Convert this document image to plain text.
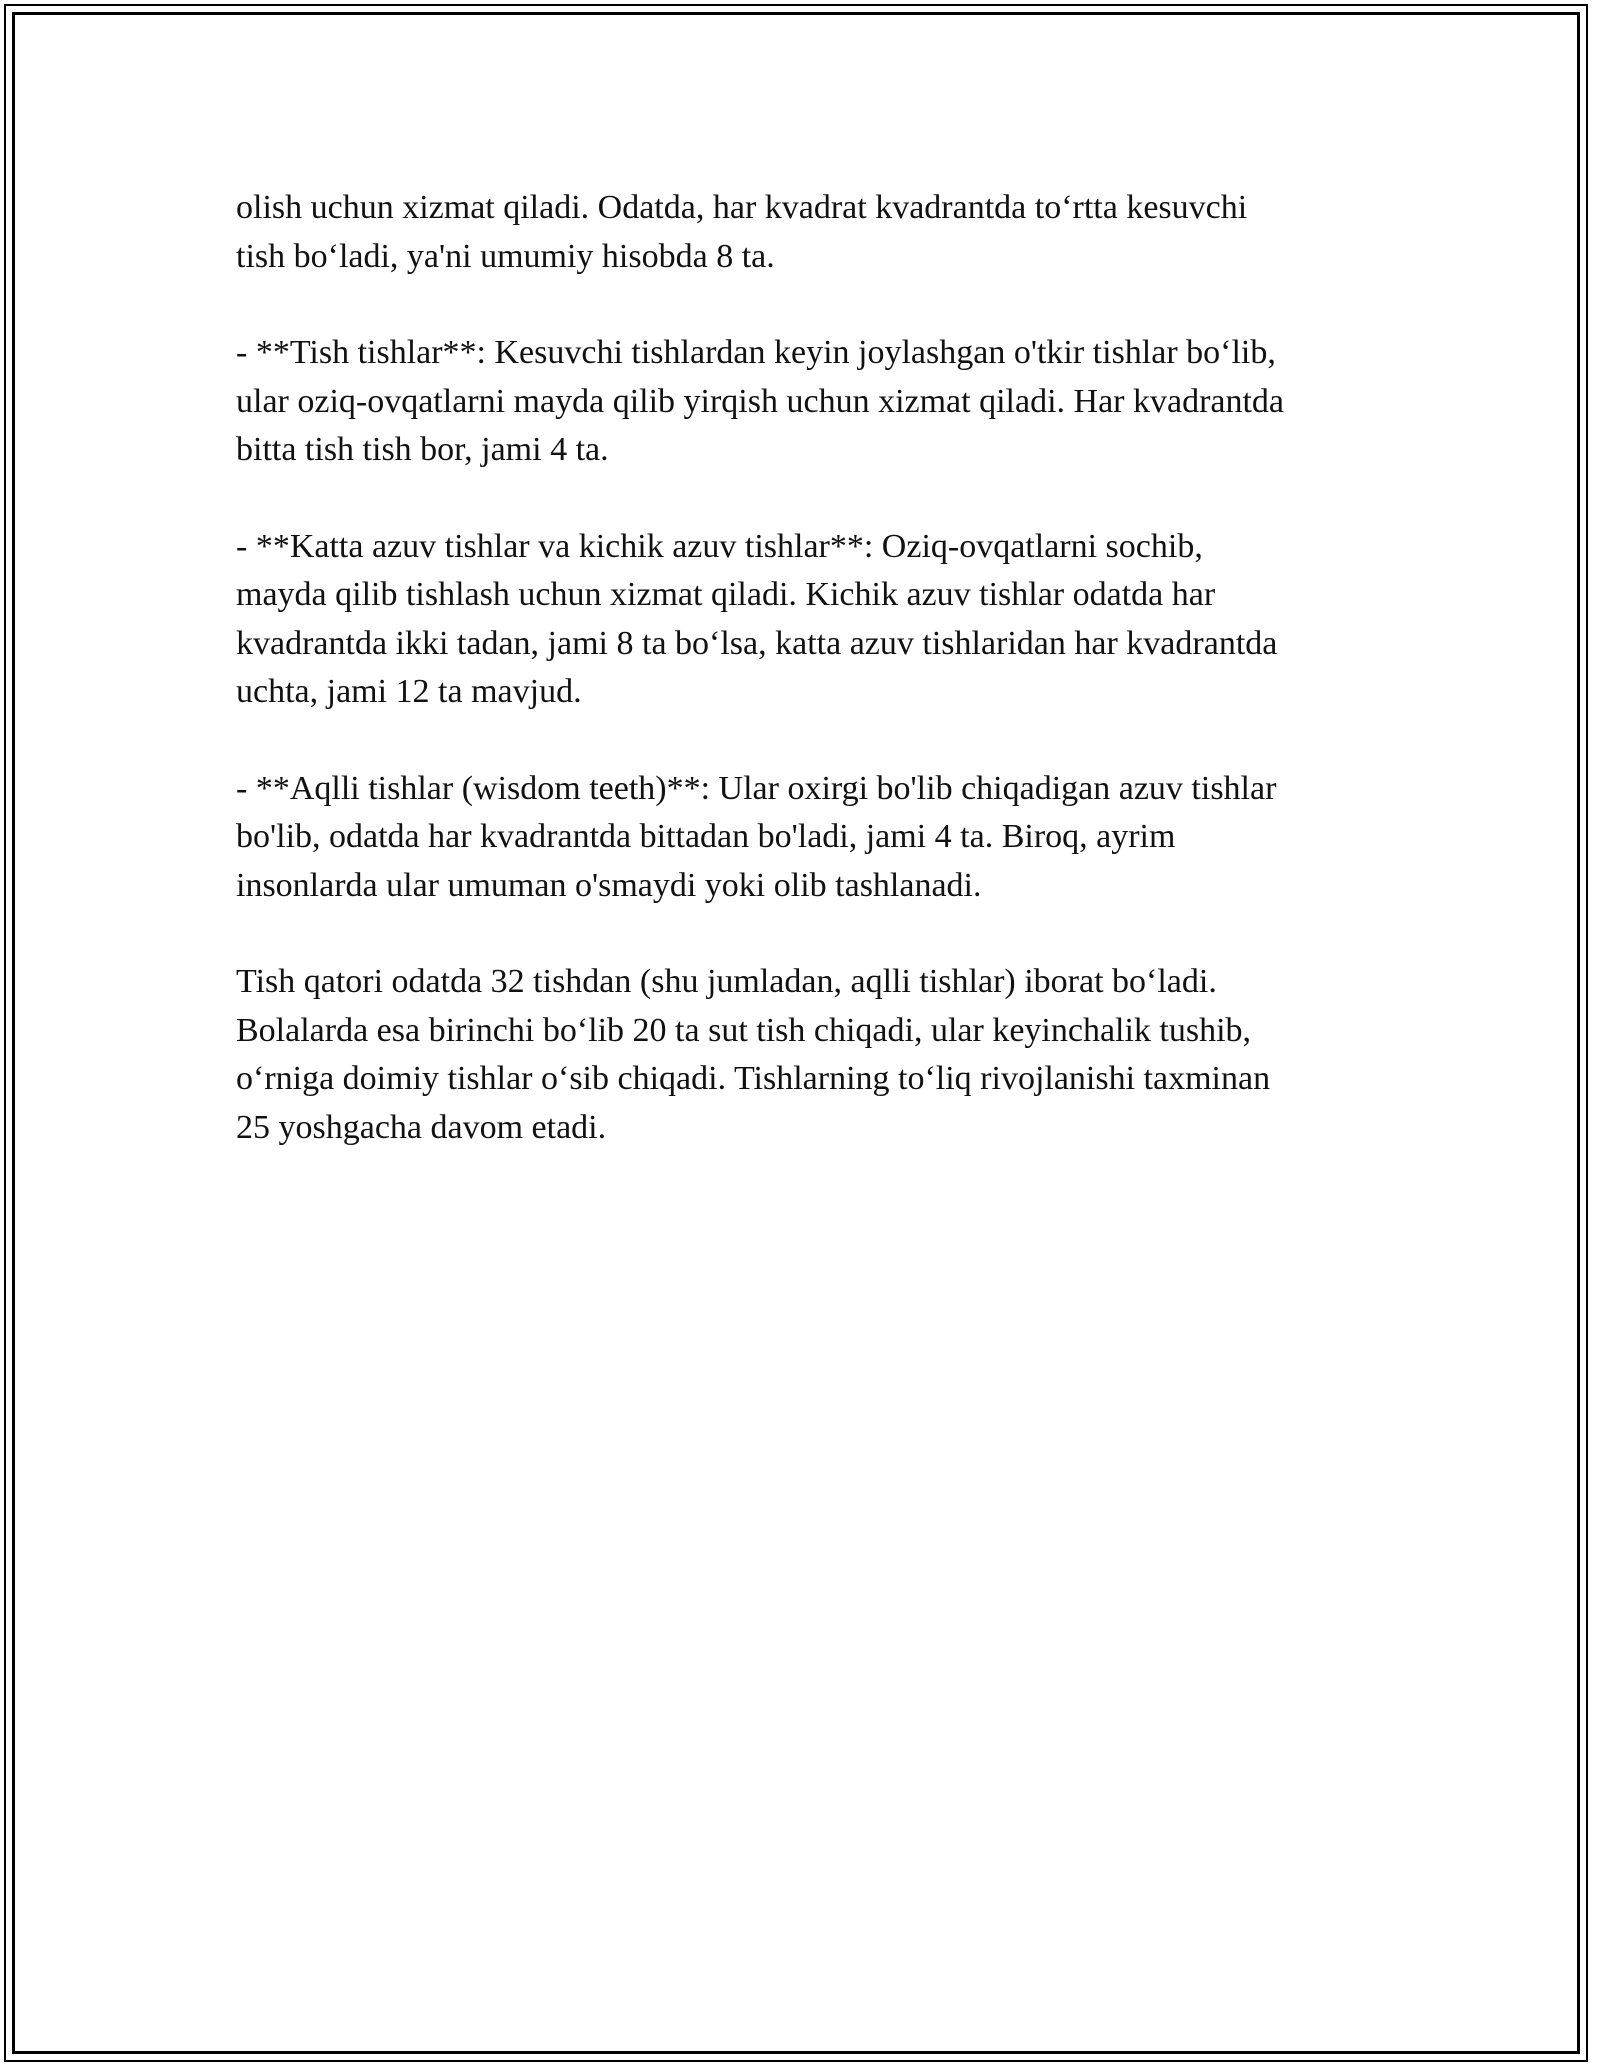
olish uchun xizmat qiladi. Odatda, har kvadrat kvadrantda to‘rtta kesuvchi
tish bo‘ladi, ya'ni umumiy hisobda 8 ta.

- **Tish tishlar**: Kesuvchi tishlardan keyin joylashgan o'tkir tishlar bo‘lib,
ular oziq-ovqatlarni mayda qilib yirqish uchun xizmat qiladi. Har kvadrantda
bitta tish tish bor, jami 4 ta.

- **Katta azuv tishlar va kichik azuv tishlar**: Oziq-ovqatlarni sochib,
mayda qilib tishlash uchun xizmat qiladi. Kichik azuv tishlar odatda har
kvadrantda ikki tadan, jami 8 ta bo‘lsa, katta azuv tishlaridan har kvadrantda
uchta, jami 12 ta mavjud.

- **Aqlli tishlar (wisdom teeth)**: Ular oxirgi bo'lib chiqadigan azuv tishlar
bo'lib, odatda har kvadrantda bittadan bo'ladi, jami 4 ta. Biroq, ayrim
insonlarda ular umuman o'smaydi yoki olib tashlanadi.

Tish qatori odatda 32 tishdan (shu jumladan, aqlli tishlar) iborat bo‘ladi.
Bolalarda esa birinchi bo‘lib 20 ta sut tish chiqadi, ular keyinchalik tushib,
o‘rniga doimiy tishlar o‘sib chiqadi. Tishlarning to‘liq rivojlanishi taxminan
25 yoshgacha davom etadi.
